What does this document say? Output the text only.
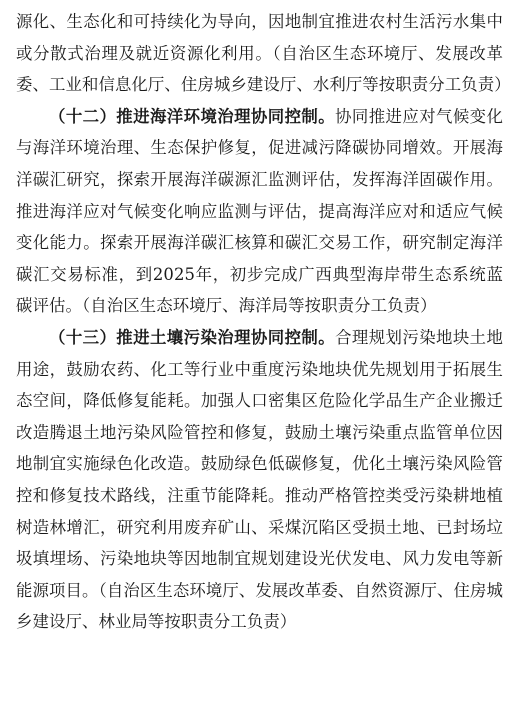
源化、生态化和可持续化为导向，因地制宜推进农村生活污水集中或分散式治理及就近资源化利用。（自治区生态环境厅、发展改革委、工业和信息化厅、住房城乡建设厅、水利厅等按职责分工负责）

（十二）推进海洋环境治理协同控制。协同推进应对气候变化与海洋环境治理、生态保护修复，促进减污降碳协同增效。开展海洋碳汇研究，探索开展海洋碳源汇监测评估，发挥海洋固碳作用。推进海洋应对气候变化响应监测与评估，提高海洋应对和适应气候变化能力。探索开展海洋碳汇核算和碳汇交易工作，研究制定海洋碳汇交易标准，到2025年，初步完成广西典型海岸带生态系统蓝碳评估。（自治区生态环境厅、海洋局等按职责分工负责）

（十三）推进土壤污染治理协同控制。合理规划污染地块土地用途，鼓励农药、化工等行业中重度污染地块优先规划用于拓展生态空间，降低修复能耗。加强人口密集区危险化学品生产企业搬迁改造腾退土地污染风险管控和修复，鼓励土壤污染重点监管单位因地制宜实施绿色化改造。鼓励绿色低碳修复，优化土壤污染风险管控和修复技术路线，注重节能降耗。推动严格管控类受污染耕地植树造林增汇，研究利用废弃矿山、采煤沉陷区受损土地、已封场垃圾填埋场、污染地块等因地制宜规划建设光伏发电、风力发电等新能源项目。（自治区生态环境厅、发展改革委、自然资源厅、住房城乡建设厅、林业局等按职责分工负责）
